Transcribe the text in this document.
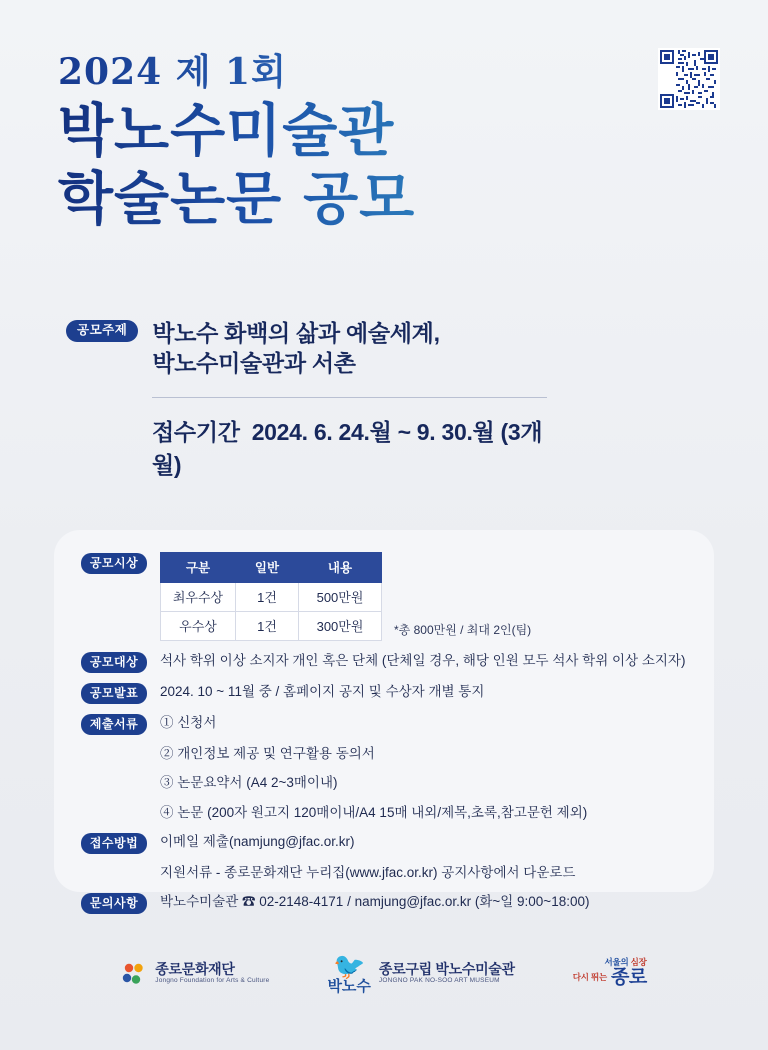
2024 제 1회
박노수미술관
학술논문 공모
공모주제	박노수 화백의 삶과 예술세계,
박노수미술관과 서촌
접수기간 2024. 6. 24.월 ~ 9. 30.월 (3개월)
공모시상	구분	일반	내용
최우수상	1건	500만원
우수상	1건	300만원	*총 800만원 / 최대 2인(팀)
공모대상	석사 학위 이상 소지자 개인 혹은 단체 (단체일 경우, 해당 인원 모두 석사 학위 이상 소지자)
공모발표	2024. 10 ~ 11월 중 / 홈페이지 공지 및 수상자 개별 통지
제출서류	① 신청서
② 개인정보 제공 및 연구활용 동의서
③ 논문요약서 (A4 2~3매이내)
④ 논문 (200자 원고지 120매이내/A4 15매 내외/제목,초록,참고문헌 제외)
접수방법	이메일 제출(namjung@jfac.or.kr)
지원서류 - 종로문화재단 누리집(www.jfac.or.kr) 공지사항에서 다운로드
문의사항	박노수미술관 ☎ 02-2148-4171 / namjung@jfac.or.kr (화~일 9:00~18:00)
종로문화재단
Jongno Foundation for Arts & Culture 🐦
박노수
종로구립 박노수미술관
JONGNO PAK NO-SOO ART MUSEUM
서울의 심장
다시 뛰는 종로
